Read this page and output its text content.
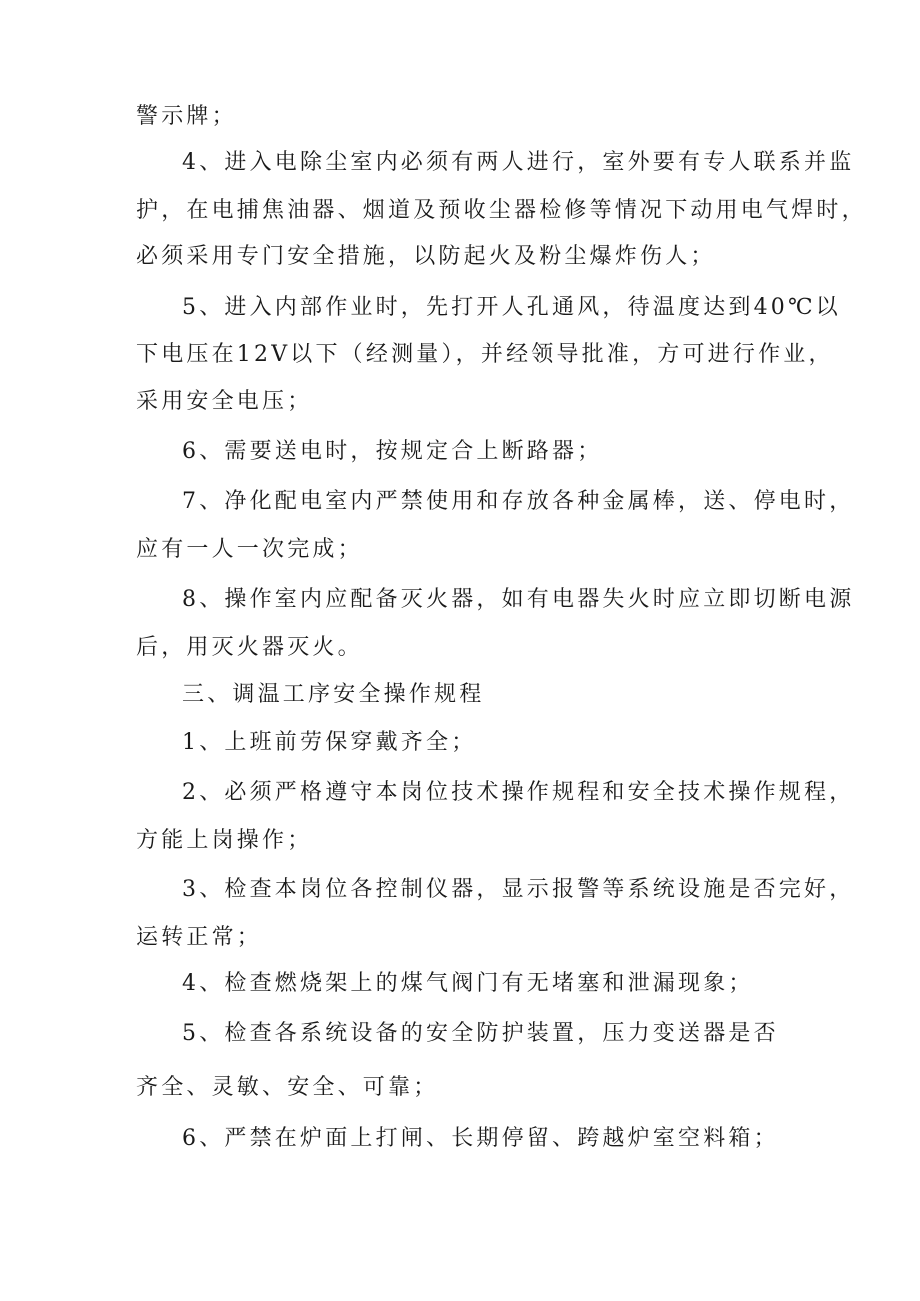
警示牌；
4、进入电除尘室内必须有两人进行，室外要有专人联系并监
护，在电捕焦油器、烟道及预收尘器检修等情况下动用电气焊时，
必须采用专门安全措施，以防起火及粉尘爆炸伤人；
5、进入内部作业时，先打开人孔通风，待温度达到40℃以
下电压在12V以下（经测量），并经领导批准，方可进行作业，
采用安全电压；
6、需要送电时，按规定合上断路器；
7、净化配电室内严禁使用和存放各种金属棒，送、停电时，
应有一人一次完成；
8、操作室内应配备灭火器，如有电器失火时应立即切断电源
后，用灭火器灭火。
三、调温工序安全操作规程
1、上班前劳保穿戴齐全；
2、必须严格遵守本岗位技术操作规程和安全技术操作规程，
方能上岗操作；
3、检查本岗位各控制仪器，显示报警等系统设施是否完好，
运转正常；
4、检查燃烧架上的煤气阀门有无堵塞和泄漏现象；
5、检查各系统设备的安全防护装置，压力变送器是否
齐全、灵敏、安全、可靠；
6、严禁在炉面上打闸、长期停留、跨越炉室空料箱；
